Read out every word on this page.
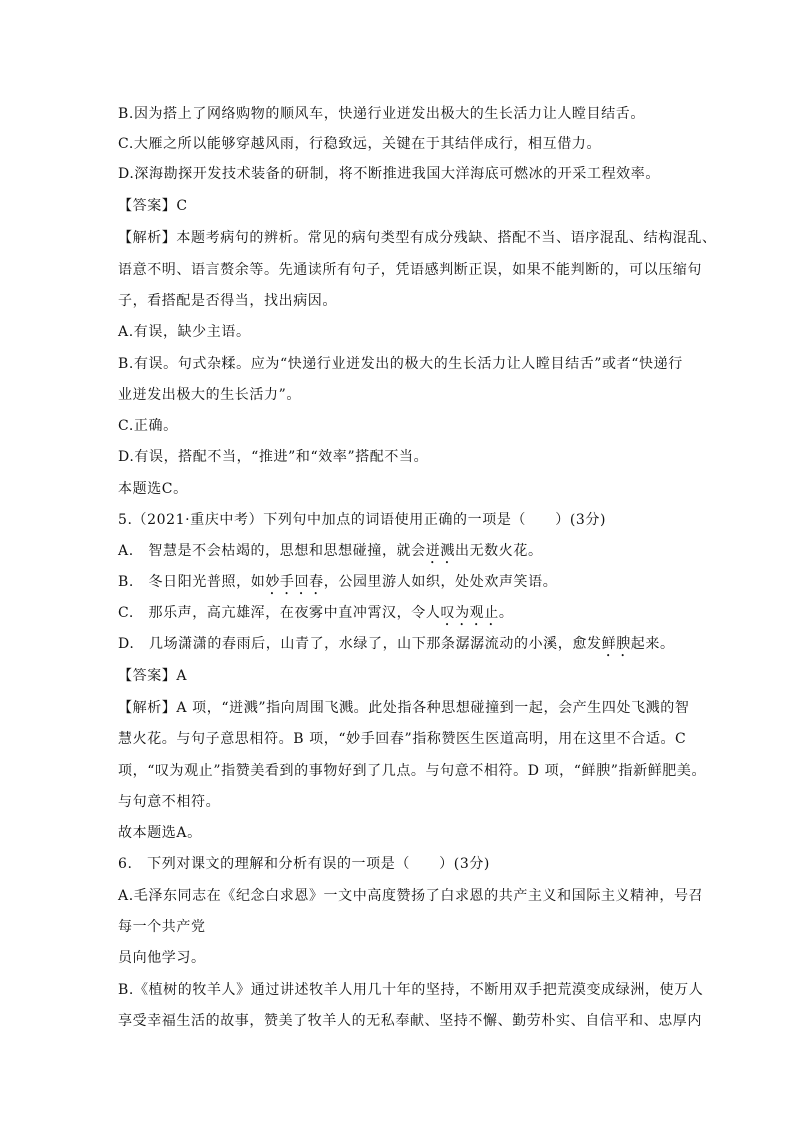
B.因为搭上了网络购物的顺风车，快递行业迸发出极大的生长活力让人瞠目结舌。
C.大雁之所以能够穿越风雨，行稳致远，关键在于其结伴成行，相互借力。
D.深海勘探开发技术装备的研制，将不断推进我国大洋海底可燃冰的开采工程效率。
【答案】C
【解析】本题考病句的辨析。常见的病句类型有成分残缺、搭配不当、语序混乱、结构混乱、
语意不明、语言赘余等。先通读所有句子，凭语感判断正误，如果不能判断的，可以压缩句
子，看搭配是否得当，找出病因。
A.有误，缺少主语。
B.有误。句式杂糅。应为“快递行业迸发出的极大的生长活力让人瞠目结舌”或者“快递行
业迸发出极大的生长活力”。
C.正确。
D.有误，搭配不当，“推进”和“效率”搭配不当。
本题选C。
5.（2021·重庆中考）下列句中加点的词语使用正确的一项是（　　）(3分)
A.　智慧是不会枯竭的，思想和思想碰撞，就会迸溅出无数火花。
B.　冬日阳光普照，如妙手回春，公园里游人如织，处处欢声笑语。
C.　那乐声，高亢雄浑，在夜雾中直冲霄汉，令人叹为观止。
D.　几场潇潇的春雨后，山青了，水绿了，山下那条潺潺流动的小溪，愈发鲜腴起来。
【答案】A
【解析】A 项，“迸溅”指向周围飞溅。此处指各种思想碰撞到一起，会产生四处飞溅的智
慧火花。与句子意思相符。B 项，“妙手回春”指称赞医生医道高明，用在这里不合适。C
项，“叹为观止”指赞美看到的事物好到了几点。与句意不相符。D 项，“鲜腴”指新鲜肥美。
与句意不相符。
故本题选A。
6.　下列对课文的理解和分析有误的一项是（　　）(3分)
A.毛泽东同志在《纪念白求恩》一文中高度赞扬了白求恩的共产主义和国际主义精神，号召
每一个共产党
员向他学习。
B.《植树的牧羊人》通过讲述牧羊人用几十年的坚持，不断用双手把荒漠变成绿洲，使万人
享受幸福生活的故事，赞美了牧羊人的无私奉献、坚持不懈、勤劳朴实、自信平和、忠厚内
